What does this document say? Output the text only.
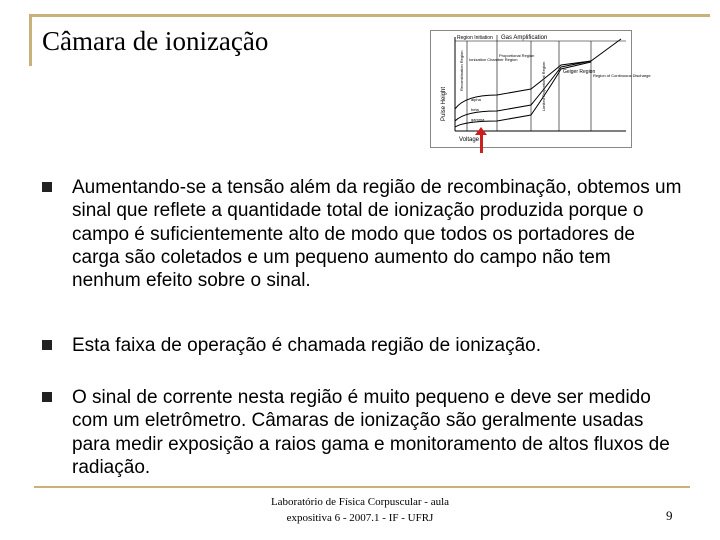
Câmara de ionização	Region Initiation Gas Amplification
Pulse Height
Voltage
Recombination Region Ionization Chamber Region
Proportional Region
Limited Proportional Region	Geiger Region
Region of Continuous Discharge
alpha
beta
gamma

Aumentando-se a tensão além da região de recombinação, obtemos um sinal que reflete a quantidade total de ionização produzida porque o campo é suficientemente alto de modo que todos os portadores de carga são coletados e um pequeno aumento do campo não tem nenhum efeito sobre o sinal.

Esta faixa de operação é chamada região de ionização.

O sinal de corrente nesta região é muito pequeno e deve ser medido com um eletrômetro. Câmaras de ionização são geralmente usadas para medir exposição a raios gama e monitoramento de altos fluxos de radiação.

Laboratório de Física Corpuscular - aula
expositiva 6 - 2007.1 - IF - UFRJ	9
